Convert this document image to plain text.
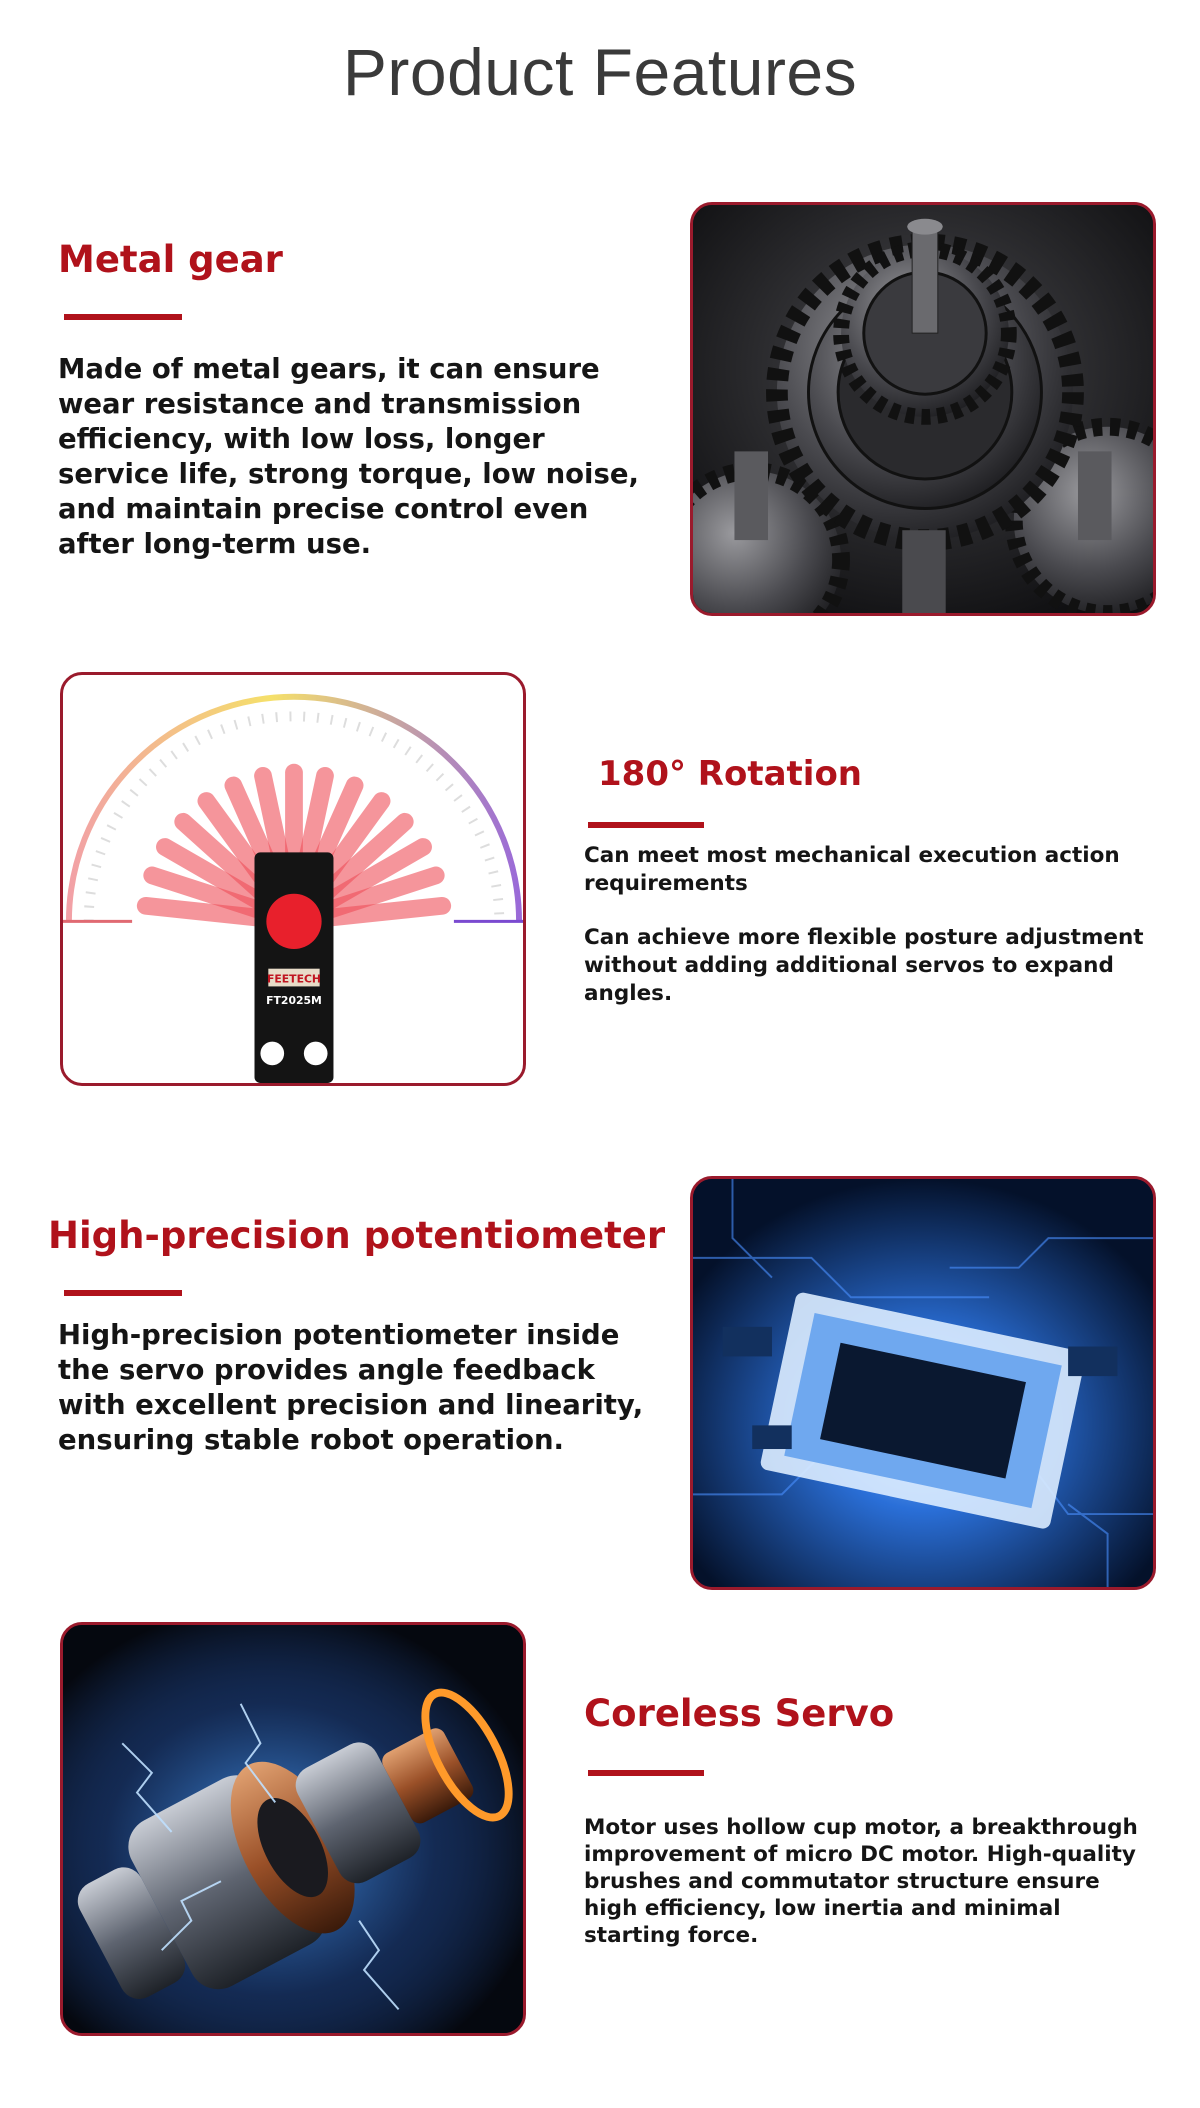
Product Features
Metal gear
Made of metal gears, it can ensure wear resistance and transmission efficiency, with low loss, longer service life, strong torque, low noise, and maintain precise control even after long-term use.
FEETECH
FT2025M
180° Rotation

Can meet most mechanical execution action requirements

Can achieve more flexible posture adjustment without adding additional servos to expand angles.

High-precision potentiometer
High-precision potentiometer inside the servo provides angle feedback with excellent precision and linearity, ensuring stable robot operation.
Coreless Servo
Motor uses hollow cup motor, a breakthrough improvement of micro DC motor. High-quality brushes and commutator structure ensure high efficiency, low inertia and minimal starting force.
